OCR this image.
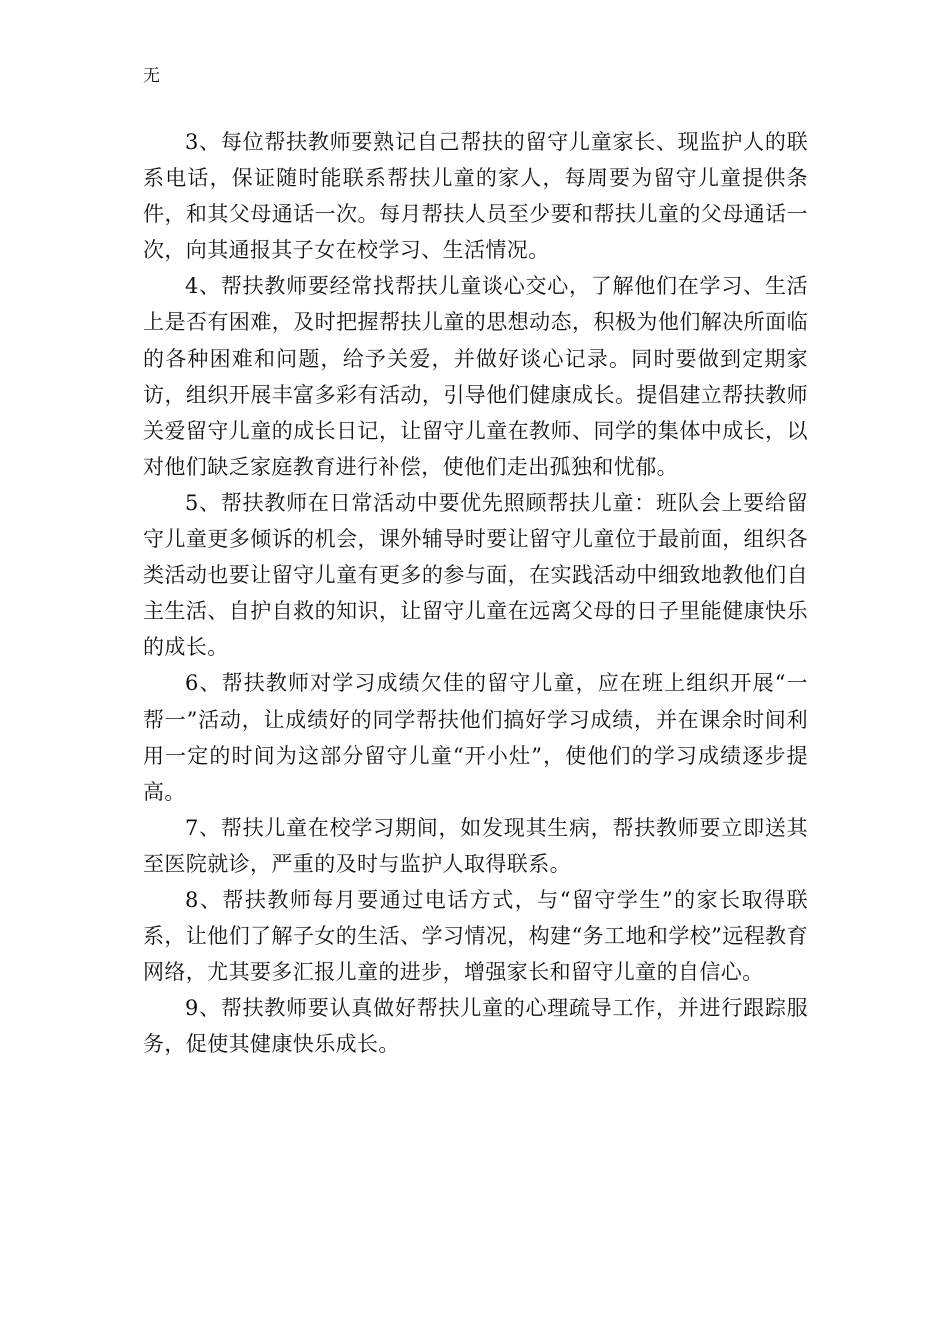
无

3、每位帮扶教师要熟记自己帮扶的留守儿童家长、现监护人的联系电话，保证随时能联系帮扶儿童的家人，每周要为留守儿童提供条件，和其父母通话一次。每月帮扶人员至少要和帮扶儿童的父母通话一次，向其通报其子女在校学习、生活情况。

4、帮扶教师要经常找帮扶儿童谈心交心，了解他们在学习、生活上是否有困难，及时把握帮扶儿童的思想动态，积极为他们解决所面临的各种困难和问题，给予关爱，并做好谈心记录。同时要做到定期家访，组织开展丰富多彩有活动，引导他们健康成长。提倡建立帮扶教师关爱留守儿童的成长日记，让留守儿童在教师、同学的集体中成长，以对他们缺乏家庭教育进行补偿，使他们走出孤独和忧郁。

5、帮扶教师在日常活动中要优先照顾帮扶儿童：班队会上要给留守儿童更多倾诉的机会，课外辅导时要让留守儿童位于最前面，组织各类活动也要让留守儿童有更多的参与面，在实践活动中细致地教他们自主生活、自护自救的知识，让留守儿童在远离父母的日子里能健康快乐的成长。

6、帮扶教师对学习成绩欠佳的留守儿童，应在班上组织开展“一帮一”活动，让成绩好的同学帮扶他们搞好学习成绩，并在课余时间利用一定的时间为这部分留守儿童“开小灶”，使他们的学习成绩逐步提高。

7、帮扶儿童在校学习期间，如发现其生病，帮扶教师要立即送其至医院就诊，严重的及时与监护人取得联系。

8、帮扶教师每月要通过电话方式，与“留守学生”的家长取得联系，让他们了解子女的生活、学习情况，构建“务工地和学校”远程教育网络，尤其要多汇报儿童的进步，增强家长和留守儿童的自信心。

9、帮扶教师要认真做好帮扶儿童的心理疏导工作，并进行跟踪服务，促使其健康快乐成长。
